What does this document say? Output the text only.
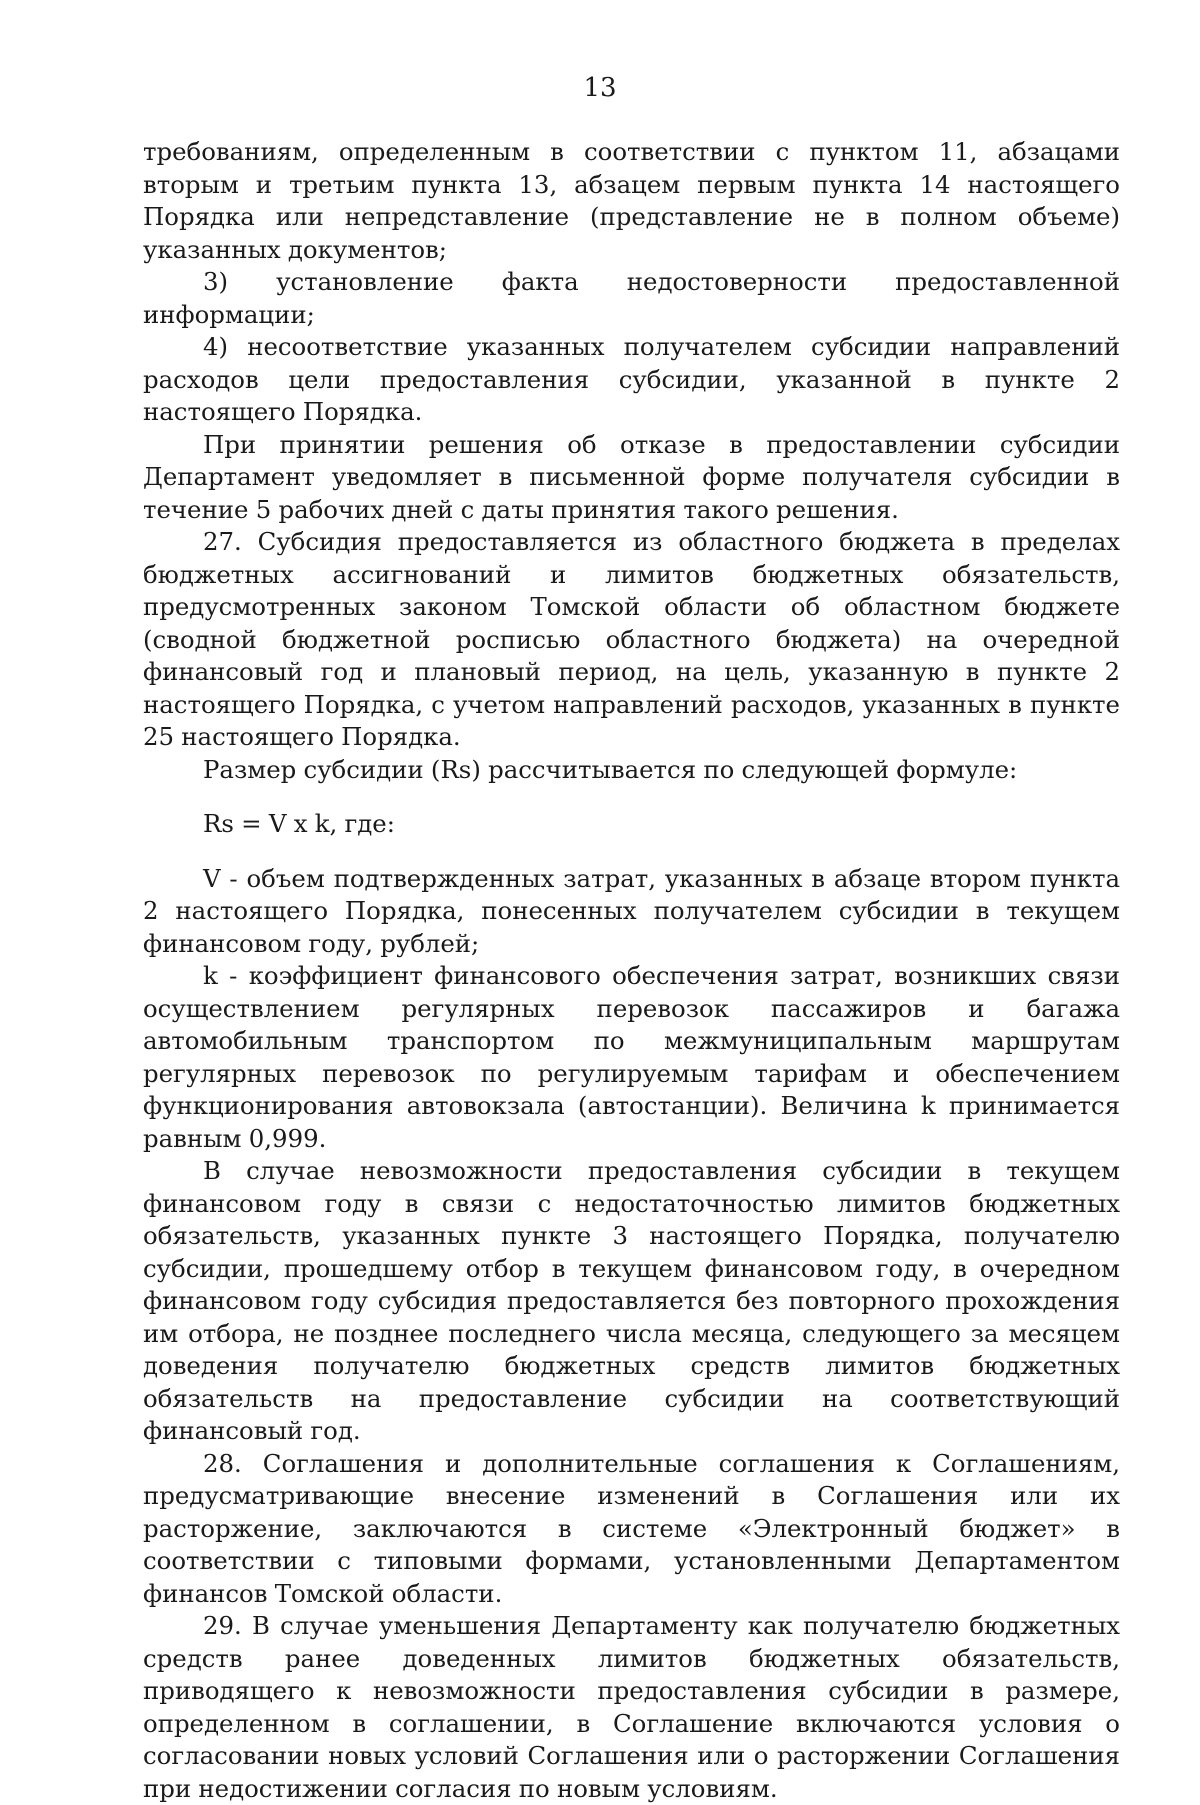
13

требованиям, определенным в соответствии с пунктом 11, абзацами вторым и третьим пункта 13, абзацем первым пункта 14 настоящего Порядка или непредставление (представление не в полном объеме) указанных документов;

3) установление факта недостоверности предоставленной информации;

4) несоответствие указанных получателем субсидии направлений расходов цели предоставления субсидии, указанной в пункте 2 настоящего Порядка.

При принятии решения об отказе в предоставлении субсидии Департамент уведомляет в письменной форме получателя субсидии в течение 5 рабочих дней с даты принятия такого решения.

27. Субсидия предоставляется из областного бюджета в пределах бюджетных ассигнований и лимитов бюджетных обязательств, предусмотренных законом Томской области об областном бюджете (сводной бюджетной росписью областного бюджета) на очередной финансовый год и плановый период, на цель, указанную в пункте 2 настоящего Порядка, с учетом направлений расходов, указанных в пункте 25 настоящего Порядка.

Размер субсидии (Rs) рассчитывается по следующей формуле:

Rs = V x k, где:

V - объем подтвержденных затрат, указанных в абзаце втором пункта 2 настоящего Порядка, понесенных получателем субсидии в текущем финансовом году, рублей;

k - коэффициент финансового обеспечения затрат, возникших связи осуществлением регулярных перевозок пассажиров и багажа автомобильным транспортом по межмуниципальным маршрутам регулярных перевозок по регулируемым тарифам и обеспечением функционирования автовокзала (автостанции). Величина k принимается равным 0,999.

В случае невозможности предоставления субсидии в текущем финансовом году в связи с недостаточностью лимитов бюджетных обязательств, указанных пункте 3 настоящего Порядка, получателю субсидии, прошедшему отбор в текущем финансовом году, в очередном финансовом году субсидия предоставляется без повторного прохождения им отбора, не позднее последнего числа месяца, следующего за месяцем доведения получателю бюджетных средств лимитов бюджетных обязательств на предоставление субсидии на соответствующий финансовый год.

28. Соглашения и дополнительные соглашения к Соглашениям, предусматривающие внесение изменений в Соглашения или их расторжение, заключаются в системе «Электронный бюджет» в соответствии с типовыми формами, установленными Департаментом финансов Томской области.

29. В случае уменьшения Департаменту как получателю бюджетных средств ранее доведенных лимитов бюджетных обязательств, приводящего к невозможности предоставления субсидии в размере, определенном в соглашении, в Соглашение включаются условия о согласовании новых условий Соглашения или о расторжении Соглашения при недостижении согласия по новым условиям.
